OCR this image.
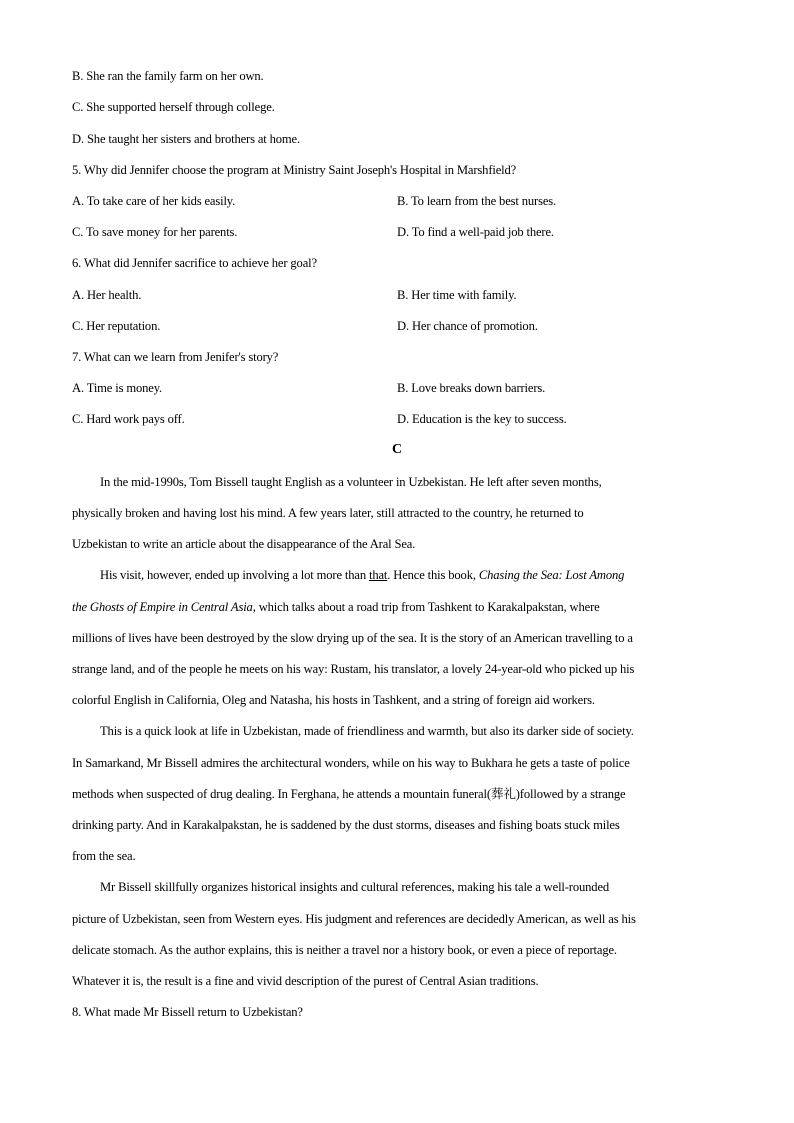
B. She ran the family farm on her own.
C. She supported herself through college.
D. She taught her sisters and brothers at home.
5. Why did Jennifer choose the program at Ministry Saint Joseph's Hospital in Marshfield?
A. To take care of her kids easily.	B. To learn from the best nurses.
C. To save money for her parents.	D. To find a well-paid job there.
6. What did Jennifer sacrifice to achieve her goal?
A. Her health.	B. Her time with family.
C. Her reputation.	D. Her chance of promotion.
7. What can we learn from Jenifer's story?
A. Time is money.	B. Love breaks down barriers.
C. Hard work pays off.	D. Education is the key to success.
C
In the mid-1990s, Tom Bissell taught English as a volunteer in Uzbekistan. He left after seven months,
physically broken and having lost his mind. A few years later, still attracted to the country, he returned to
Uzbekistan to write an article about the disappearance of the Aral Sea.
His visit, however, ended up involving a lot more than that. Hence this book, Chasing the Sea: Lost Among
the Ghosts of Empire in Central Asia, which talks about a road trip from Tashkent to Karakalpakstan, where
millions of lives have been destroyed by the slow drying up of the sea. It is the story of an American travelling to a
strange land, and of the people he meets on his way: Rustam, his translator, a lovely 24-year-old who picked up his
colorful English in California, Oleg and Natasha, his hosts in Tashkent, and a string of foreign aid workers.
This is a quick look at life in Uzbekistan, made of friendliness and warmth, but also its darker side of society.
In Samarkand, Mr Bissell admires the architectural wonders, while on his way to Bukhara he gets a taste of police
methods when suspected of drug dealing. In Ferghana, he attends a mountain funeral(葬礼)followed by a strange
drinking party. And in Karakalpakstan, he is saddened by the dust storms, diseases and fishing boats stuck miles
from the sea.
Mr Bissell skillfully organizes historical insights and cultural references, making his tale a well-rounded
picture of Uzbekistan, seen from Western eyes. His judgment and references are decidedly American, as well as his
delicate stomach. As the author explains, this is neither a travel nor a history book, or even a piece of reportage.
Whatever it is, the result is a fine and vivid description of the purest of Central Asian traditions.
8. What made Mr Bissell return to Uzbekistan?
